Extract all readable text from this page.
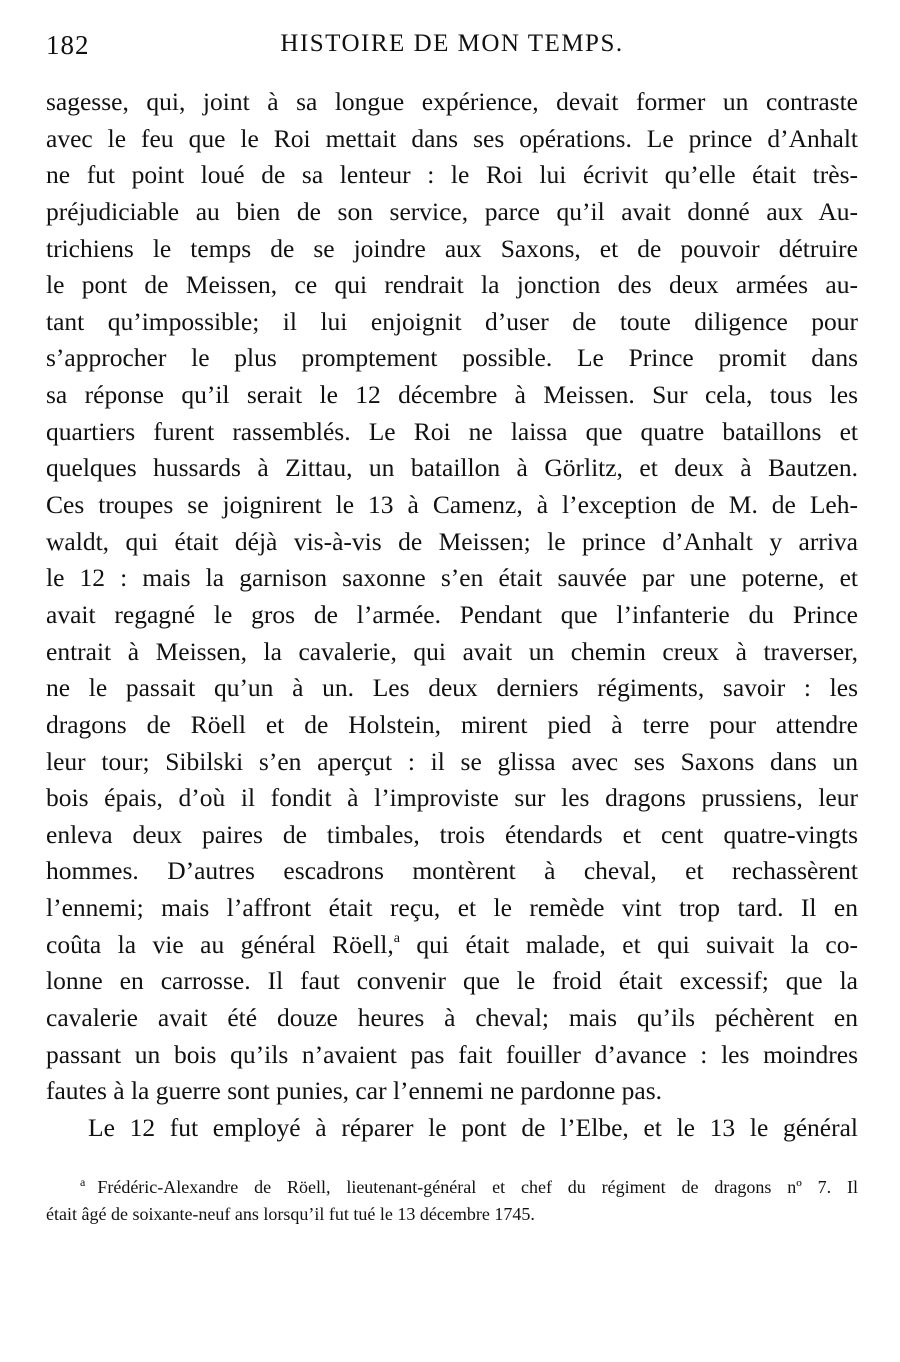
182	HISTOIRE DE MON TEMPS.
sagesse, qui, joint à sa longue expérience, devait former un contraste
avec le feu que le Roi mettait dans ses opérations. Le prince d’Anhalt
ne fut point loué de sa lenteur : le Roi lui écrivit qu’elle était très-
préjudiciable au bien de son service, parce qu’il avait donné aux Au-
trichiens le temps de se joindre aux Saxons, et de pouvoir détruire
le pont de Meissen, ce qui rendrait la jonction des deux armées au-
tant qu’impossible; il lui enjoignit d’user de toute diligence pour
s’approcher le plus promptement possible. Le Prince promit dans
sa réponse qu’il serait le 12 décembre à Meissen. Sur cela, tous les
quartiers furent rassemblés. Le Roi ne laissa que quatre bataillons et
quelques hussards à Zittau, un bataillon à Görlitz, et deux à Bautzen.
Ces troupes se joignirent le 13 à Camenz, à l’exception de M. de Leh-
waldt, qui était déjà vis-à-vis de Meissen; le prince d’Anhalt y arriva
le 12 : mais la garnison saxonne s’en était sauvée par une poterne, et
avait regagné le gros de l’armée. Pendant que l’infanterie du Prince
entrait à Meissen, la cavalerie, qui avait un chemin creux à traverser,
ne le passait qu’un à un. Les deux derniers régiments, savoir : les
dragons de Röell et de Holstein, mirent pied à terre pour attendre
leur tour; Sibilski s’en aperçut : il se glissa avec ses Saxons dans un
bois épais, d’où il fondit à l’improviste sur les dragons prussiens, leur
enleva deux paires de timbales, trois étendards et cent quatre-vingts
hommes. D’autres escadrons montèrent à cheval, et rechassèrent
l’ennemi; mais l’affront était reçu, et le remède vint trop tard. Il en
coûta la vie au général Röell,$^a$ qui était malade, et qui suivait la co-
lonne en carrosse. Il faut convenir que le froid était excessif; que la
cavalerie avait été douze heures à cheval; mais qu’ils péchèrent en
passant un bois qu’ils n’avaient pas fait fouiller d’avance : les moindres
fautes à la guerre sont punies, car l’ennemi ne pardonne pas.
Le 12 fut employé à réparer le pont de l’Elbe, et le 13 le général
$^a$ Frédéric-Alexandre de Röell, lieutenant-général et chef du régiment de dragons nº 7. Il
était âgé de soixante-neuf ans lorsqu’il fut tué le 13 décembre 1745.
